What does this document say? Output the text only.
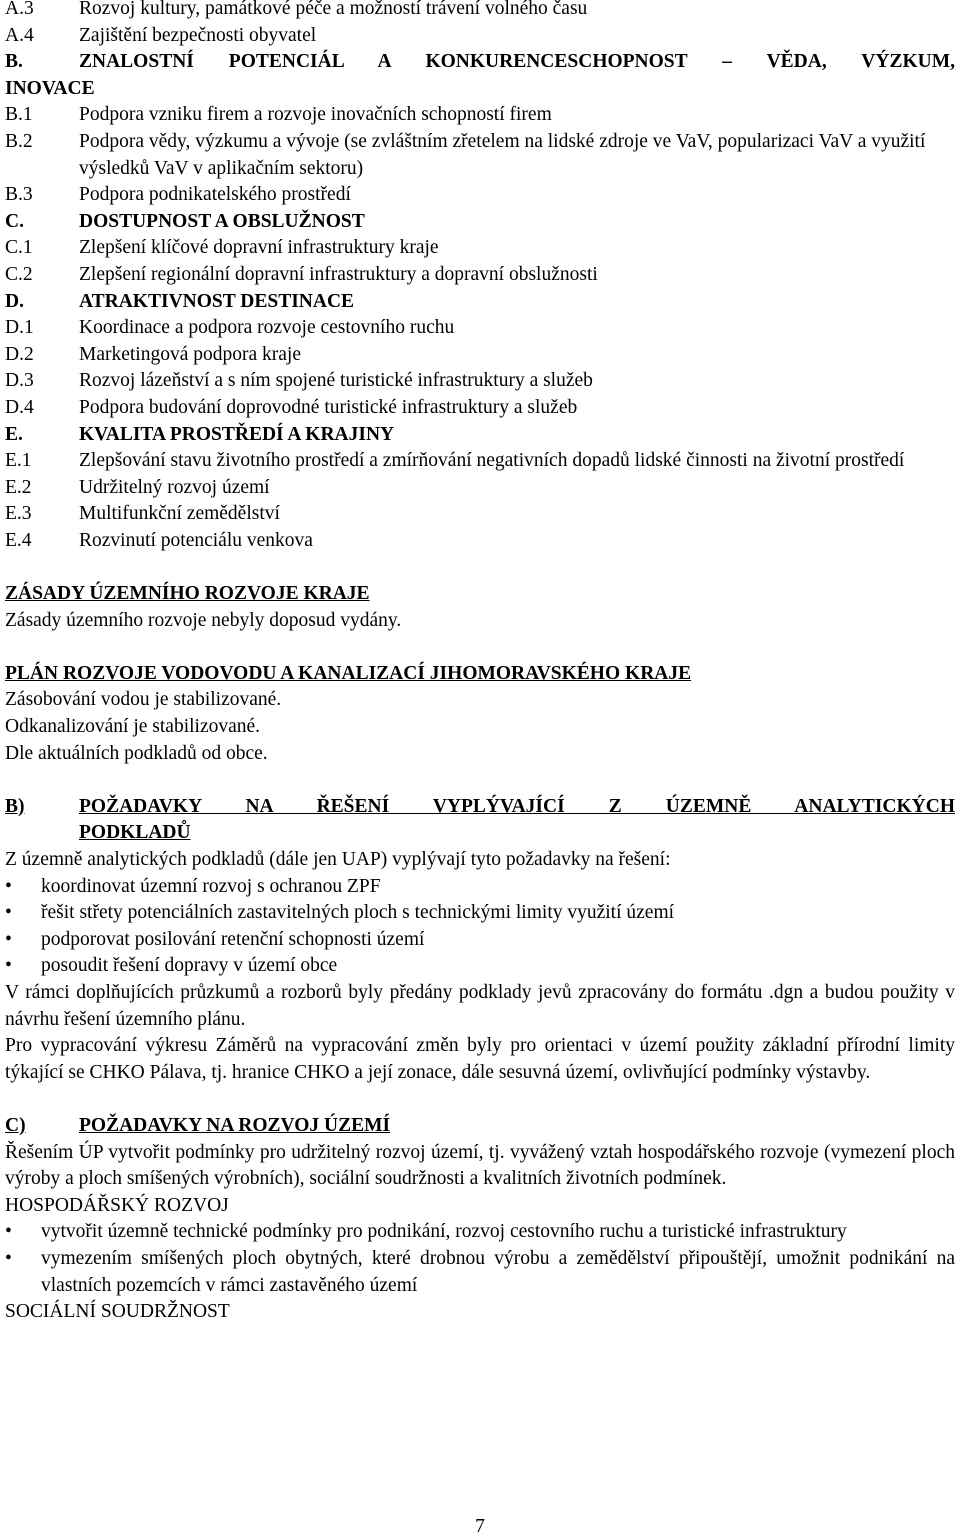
A.3	Rozvoj kultury, památkové péče a možností trávení volného času
A.4	Zajištění bezpečnosti obyvatel
B.	ZNALOSTNÍ POTENCIÁL A KONKURENCESCHOPNOST – VĚDA, VÝZKUM,
INOVACE
B.1	Podpora vzniku firem a rozvoje inovačních schopností firem
B.2	Podpora vědy, výzkumu a vývoje (se zvláštním zřetelem na lidské zdroje ve VaV, popularizaci VaV a využití výsledků VaV v aplikačním sektoru)
B.3	Podpora podnikatelského prostředí
C.	DOSTUPNOST A OBSLUŽNOST
C.1	Zlepšení klíčové dopravní infrastruktury kraje
C.2	Zlepšení regionální dopravní infrastruktury a dopravní obslužnosti
D.	ATRAKTIVNOST DESTINACE
D.1	Koordinace a podpora rozvoje cestovního ruchu
D.2	Marketingová podpora kraje
D.3	Rozvoj lázeňství a s ním spojené turistické infrastruktury a služeb
D.4	Podpora budování doprovodné turistické infrastruktury a služeb
E.	KVALITA PROSTŘEDÍ A KRAJINY
E.1	Zlepšování stavu životního prostředí a zmírňování negativních dopadů lidské činnosti na životní prostředí
E.2	Udržitelný rozvoj území
E.3	Multifunkční zemědělství
E.4	Rozvinutí potenciálu venkova
ZÁSADY ÚZEMNÍHO ROZVOJE KRAJE
Zásady územního rozvoje nebyly doposud vydány.
PLÁN ROZVOJE VODOVODU A KANALIZACÍ JIHOMORAVSKÉHO KRAJE
Zásobování vodou je stabilizované.
Odkanalizování je stabilizované.
Dle aktuálních podkladů od obce.
B)	POŽADAVKY NA ŘEŠENÍ VYPLÝVAJÍCÍ Z ÚZEMNĚ ANALYTICKÝCH
PODKLADŮ
Z územně analytických podkladů (dále jen UAP) vyplývají tyto požadavky na řešení:
•	koordinovat územní rozvoj s ochranou ZPF
•	řešit střety potenciálních zastavitelných ploch s technickými limity využití území
•	podporovat posilování retenční schopnosti území
•	posoudit řešení dopravy v území obce
V rámci doplňujících průzkumů a rozborů byly předány podklady jevů zpracovány do formátu .dgn a budou použity v návrhu řešení územního plánu.
Pro vypracování výkresu Záměrů na vypracování změn byly pro orientaci v území použity základní přírodní limity týkající se CHKO Pálava, tj. hranice CHKO a její zonace, dále sesuvná území, ovlivňující podmínky výstavby.
C)	POŽADAVKY NA ROZVOJ ÚZEMÍ
Řešením ÚP vytvořit podmínky pro udržitelný rozvoj území, tj. vyvážený vztah hospodářského rozvoje (vymezení ploch výroby a ploch smíšených výrobních), sociální soudržnosti a kvalitních životních podmínek.
HOSPODÁŘSKÝ ROZVOJ
•	vytvořit územně technické podmínky pro podnikání, rozvoj cestovního ruchu a turistické infrastruktury
•	vymezením smíšených ploch obytných, které drobnou výrobu a zemědělství připouštějí, umožnit podnikání na vlastních pozemcích v rámci zastavěného území
SOCIÁLNÍ SOUDRŽNOST
7
